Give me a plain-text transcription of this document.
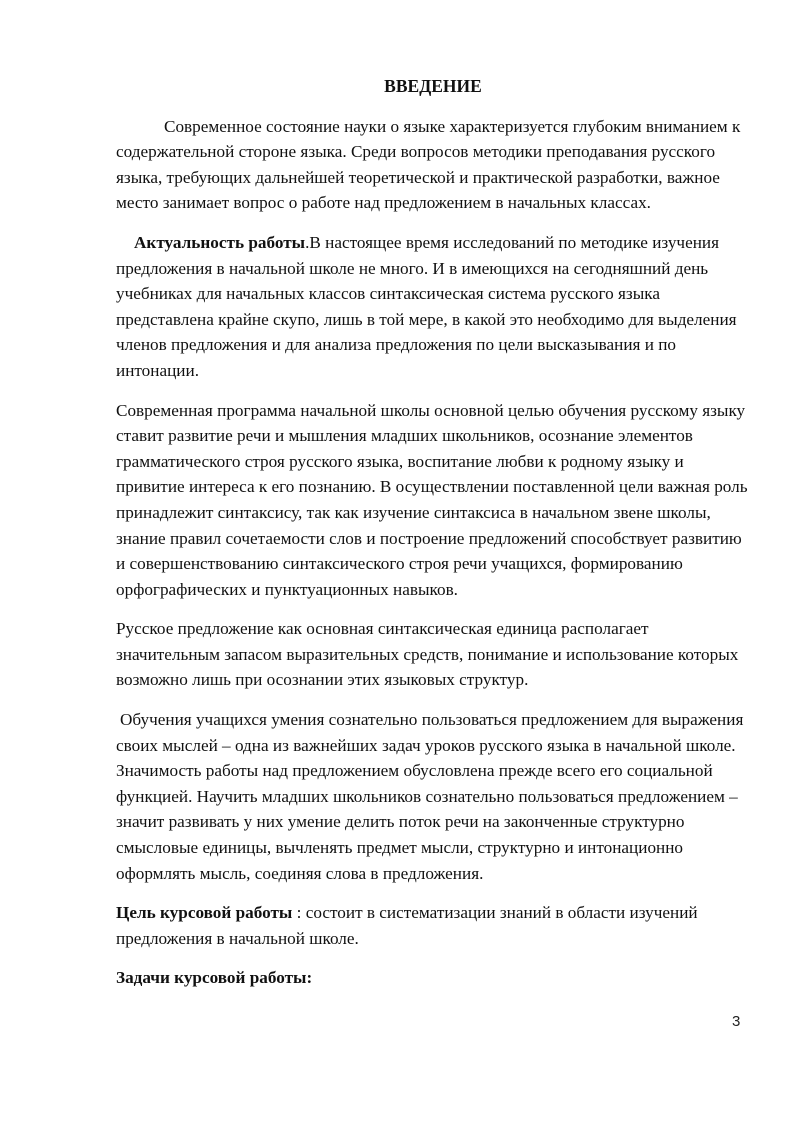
ВВЕДЕНИЕ

Современное состояние науки о языке характеризуется глубоким вниманием к содержательной стороне языка. Среди вопросов методики преподавания русского языка, требующих дальнейшей теоретической и практической разработки, важное место занимает вопрос о работе над предложением в начальных классах.

Актуальность работы.В настоящее время исследований по методике изучения предложения в начальной школе не много. И в имеющихся на сегодняшний день учебниках для начальных классов синтаксическая система русского языка представлена крайне скупо, лишь в той мере, в какой это необходимо для выделения членов предложения и для анализа предложения по цели высказывания и по интонации.

Современная программа начальной школы основной целью обучения русскому языку ставит развитие речи и мышления младших школьников, осознание элементов грамматического строя русского языка, воспитание любви к родному языку и привитие интереса к его познанию. В осуществлении поставленной цели важная роль принадлежит синтаксису, так как изучение синтаксиса в начальном звене школы, знание правил сочетаемости слов и построение предложений способствует развитию и совершенствованию синтаксического строя речи учащихся, формированию орфографических и пунктуационных навыков.

Русское предложение как основная синтаксическая единица располагает значительным запасом выразительных средств, понимание и использование которых возможно лишь при осознании этих языковых структур.

Обучения учащихся умения сознательно пользоваться предложением для выражения своих мыслей – одна из важнейших задач уроков русского языка в начальной школе. Значимость работы над предложением обусловлена прежде всего его социальной функцией. Научить младших школьников сознательно пользоваться предложением – значит развивать у них умение делить поток речи на законченные структурно смысловые единицы, вычленять предмет мысли, структурно и интонационно оформлять мысль, соединяя слова в предложения.

Цель курсовой работы : состоит в систематизации знаний в области изучений предложения в начальной школе.

Задачи курсовой работы:

3
